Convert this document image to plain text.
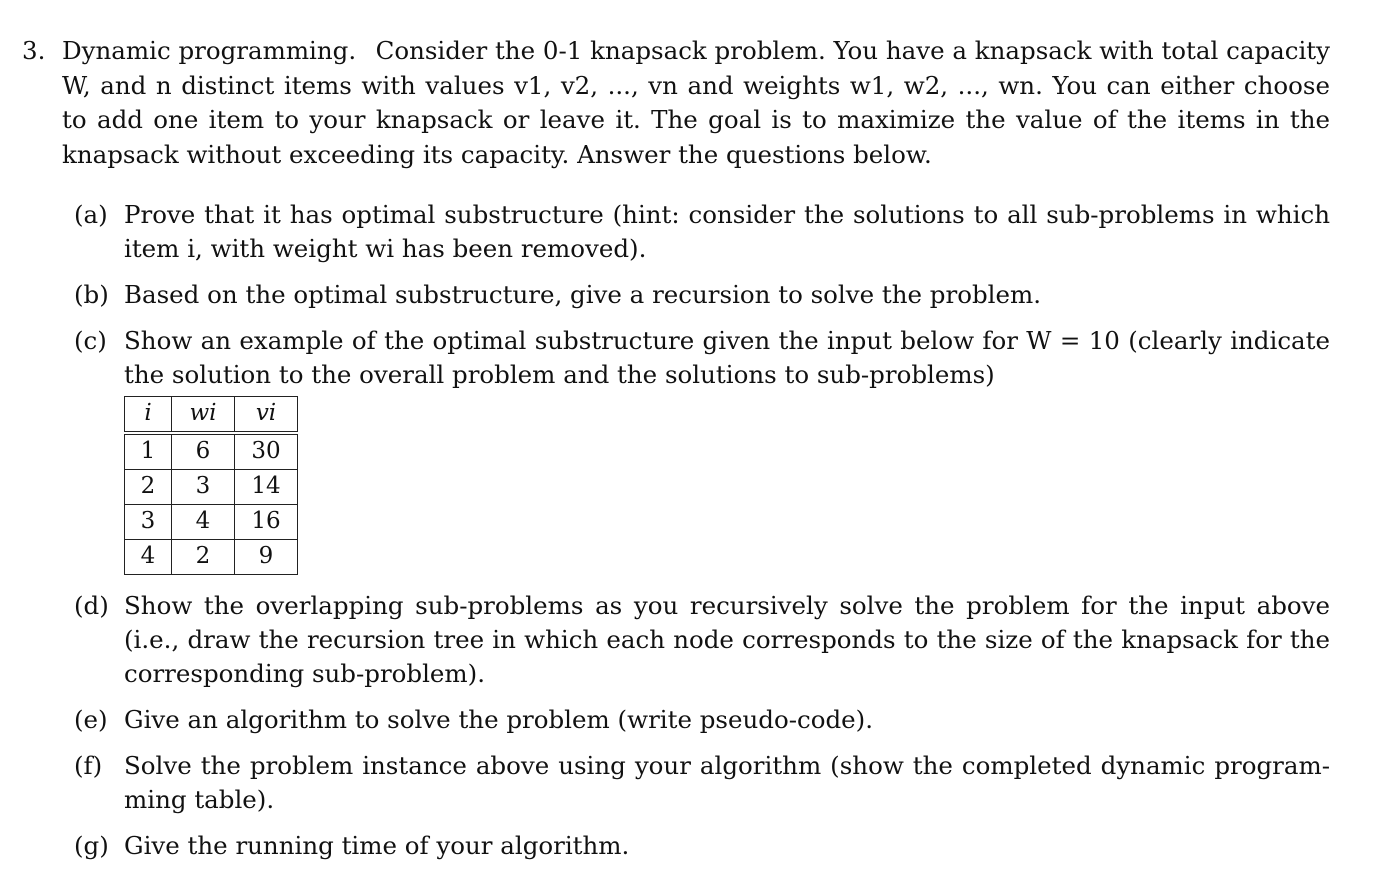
3. Dynamic programming. Consider the 0-1 knapsack problem. You have a knapsack with total capacity
W, and n distinct items with values v1, v2, ..., vn and weights w1, w2, ..., wn. You can either choose
to add one item to your knapsack or leave it. The goal is to maximize the value of the items in the
knapsack without exceeding its capacity. Answer the questions below.
(a) Prove that it has optimal substructure (hint: consider the solutions to all sub-problems in which
item i, with weight wi has been removed).
(b) Based on the optimal substructure, give a recursion to solve the problem.
(c) Show an example of the optimal substructure given the input below for W = 10 (clearly indicate
the solution to the overall problem and the solutions to sub-problems)
i	wi	vi
1	6	30
2	3	14
3	4	16
4	2	9
(d) Show the overlapping sub-problems as you recursively solve the problem for the input above
(i.e., draw the recursion tree in which each node corresponds to the size of the knapsack for the
corresponding sub-problem).
(e) Give an algorithm to solve the problem (write pseudo-code).
(f) Solve the problem instance above using your algorithm (show the completed dynamic program-
ming table).
(g) Give the running time of your algorithm.
